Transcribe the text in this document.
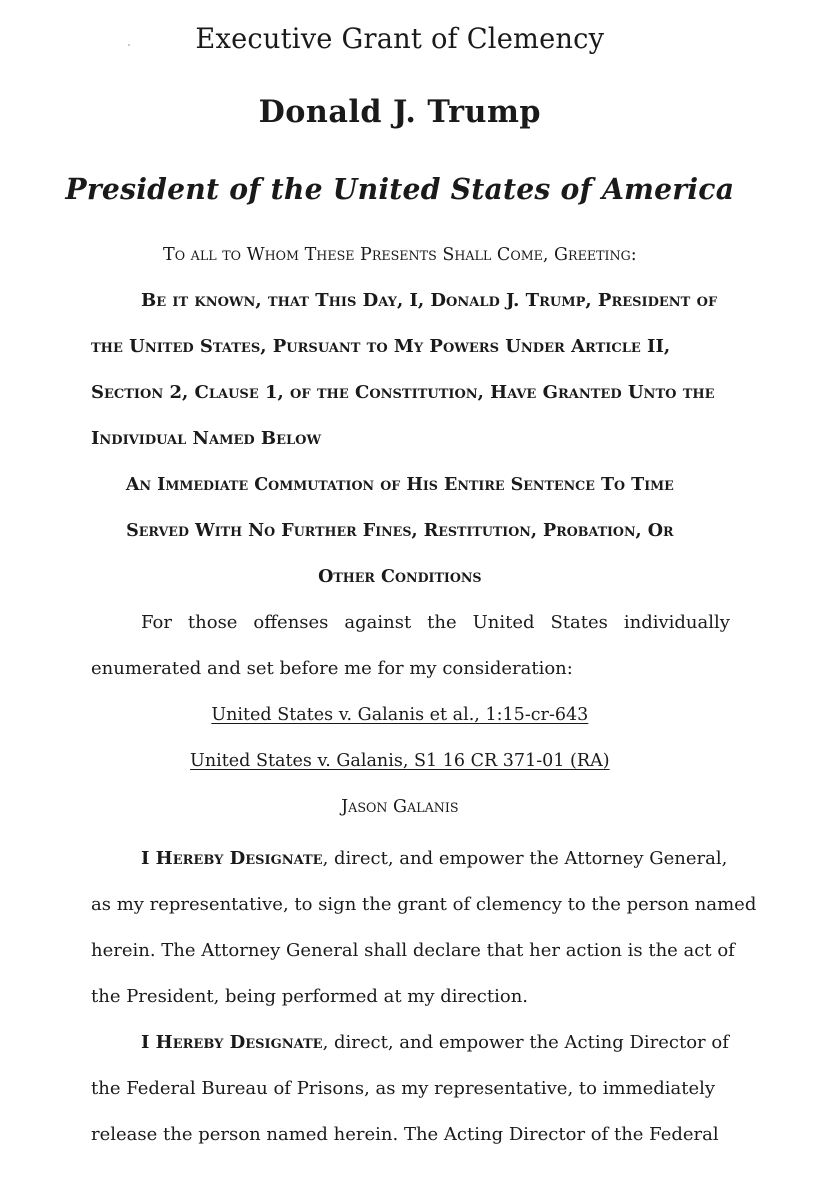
Executive Grant of Clemency
Donald J. Trump
President of the United States of America
To all to Whom These Presents Shall Come, Greeting:
Be it known, that This Day, I, Donald J. Trump, President of
the United States, Pursuant to My Powers Under Article II,
Section 2, Clause 1, of the Constitution, Have Granted Unto the
Individual Named Below
An Immediate Commutation of His Entire Sentence To Time
Served With No Further Fines, Restitution, Probation, Or
Other Conditions
For those offenses against the United States individually
enumerated and set before me for my consideration:
United States v. Galanis et al., 1:15-cr-643
United States v. Galanis, S1 16 CR 371-01 (RA)
Jason Galanis
I Hereby Designate, direct, and empower the Attorney General,
as my representative, to sign the grant of clemency to the person named
herein. The Attorney General shall declare that her action is the act of
the President, being performed at my direction.
I Hereby Designate, direct, and empower the Acting Director of
the Federal Bureau of Prisons, as my representative, to immediately
release the person named herein. The Acting Director of the Federal
